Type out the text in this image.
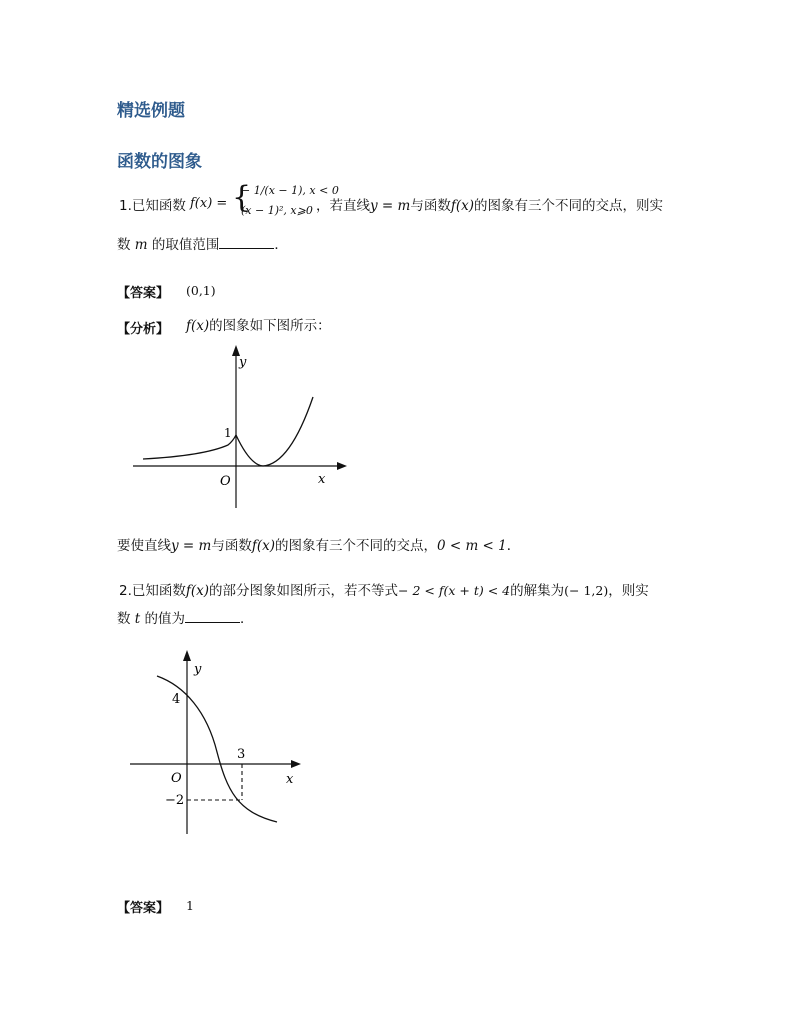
精选例题
函数的图象
1.已知函数 f(x) = {
− 1/(x − 1), x < 0
(x − 1)², x⩾0 ，若直线y = m与函数f(x)的图象有三个不同的交点，则实
数 m 的取值范围	．
【答案】 (0,1)
【分析】 f(x)的图象如下图所示：
y
x
O
1
要使直线y = m与函数f(x)的图象有三个不同的交点，0 < m < 1．
2.已知函数f(x)的部分图象如图所示，若不等式− 2 < f(x + t) < 4的解集为(− 1,2)，则实
数 t 的值为	．
y
x
O
4
3
−2
【答案】 1
